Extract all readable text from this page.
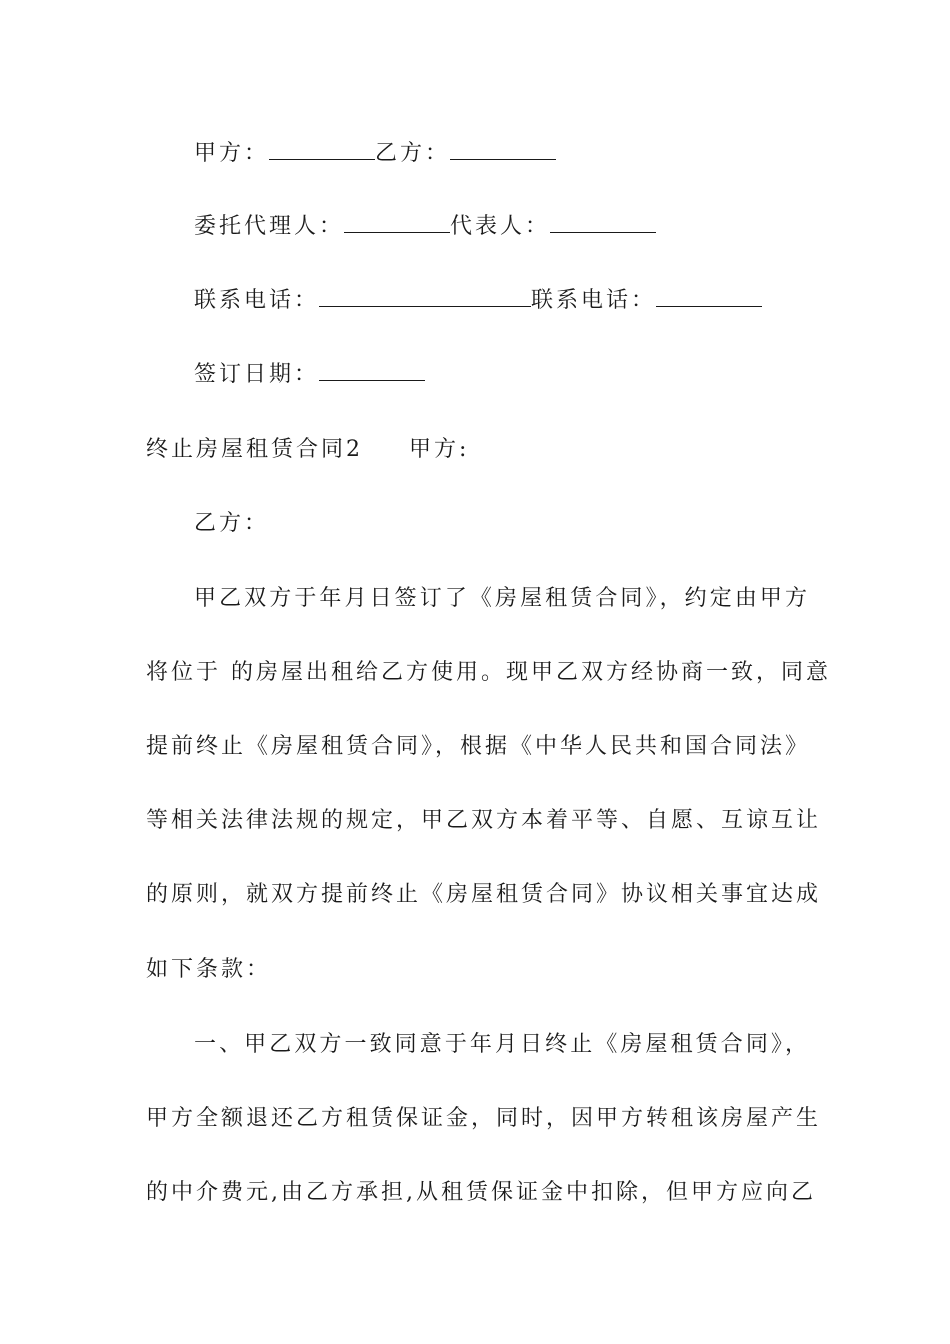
甲方：	乙方：
委托代理人：	代表人：
联系电话：	联系电话：
签订日期：
终止房屋租赁合同2 甲方:
乙方：
甲乙双方于年月日签订了《房屋租赁合同》，约定由甲方
将位于 的房屋出租给乙方使用。现甲乙双方经协商一致，同意
提前终止《房屋租赁合同》，根据《中华人民共和国合同法》
等相关法律法规的规定，甲乙双方本着平等、自愿、互谅互让
的原则，就双方提前终止《房屋租赁合同》协议相关事宜达成
如下条款：
一、甲乙双方一致同意于年月日终止《房屋租赁合同》，
甲方全额退还乙方租赁保证金，同时，因甲方转租该房屋产生
的中介费元,由乙方承担,从租赁保证金中扣除，但甲方应向乙
